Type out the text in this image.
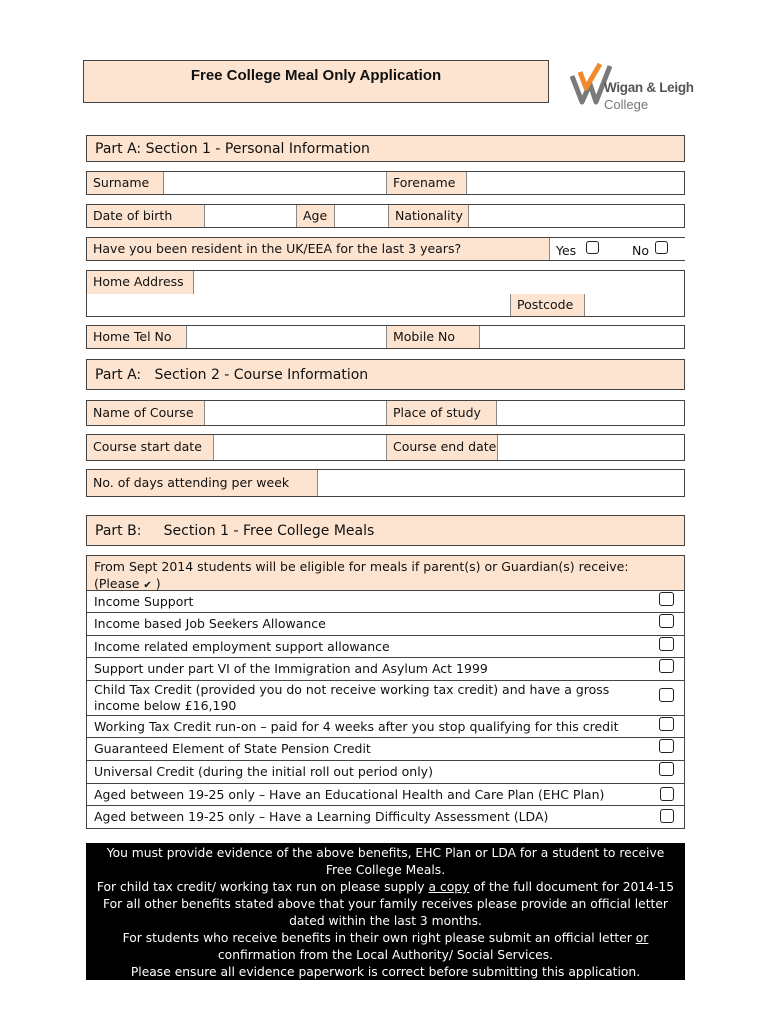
Free College Meal Only Application
Wigan & Leigh
College
Part A: Section 1 - Personal Information
Surname	Forename
Date of birth	Age	Nationality
Have you been resident in the UK/EEA for the last 3 years?	Yes	No
Home Address
Postcode
Home Tel No	Mobile No
Part A:   Section 2 - Course Information
Name of Course	Place of study
Course start date	Course end date
No. of days attending per week
Part B:     Section 1 - Free College Meals
From Sept 2014 students will be eligible for meals if parent(s) or Guardian(s) receive:
(Please ✔ )
Income Support
Income based Job Seekers Allowance
Income related employment support allowance
Support under part VI of the Immigration and Asylum Act 1999
Child Tax Credit (provided you do not receive working tax credit) and have a gross income below £16,190
Working Tax Credit run-on – paid for 4 weeks after you stop qualifying for this credit
Guaranteed Element of State Pension Credit
Universal Credit (during the initial roll out period only)
Aged between 19-25 only – Have an Educational Health and Care Plan (EHC Plan)
Aged between 19-25 only – Have a Learning Difficulty Assessment (LDA)
You must provide evidence of the above benefits, EHC Plan or LDA for a student to receive
Free College Meals.
For child tax credit/ working tax run on please supply a copy of the full document for 2014-15
For all other benefits stated above that your family receives please provide an official letter
dated within the last 3 months.
For students who receive benefits in their own right please submit an official letter or
confirmation from the Local Authority/ Social Services.
Please ensure all evidence paperwork is correct before submitting this application.
